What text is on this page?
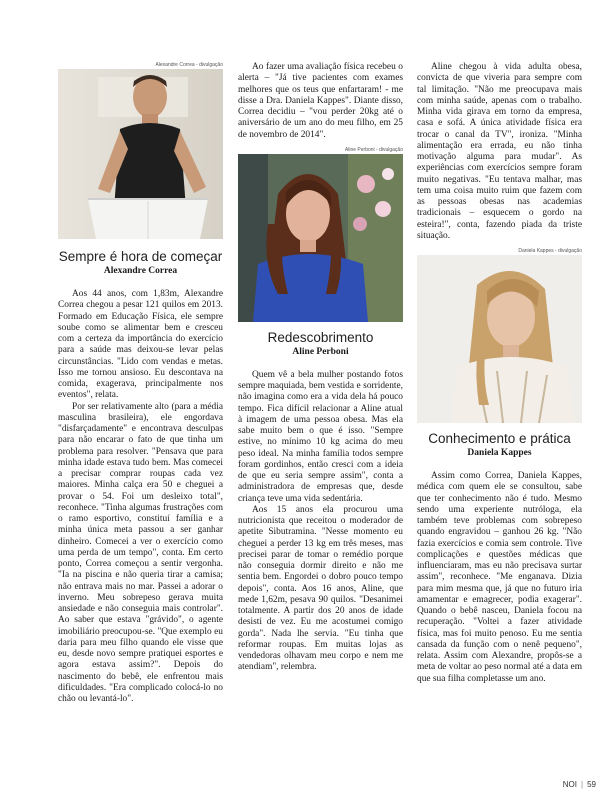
Alexandre Correa - divulgação
Sempre é hora de começar
Alexandre Correa

Aos 44 anos, com 1,83m, Alexandre Correa chegou a pesar 121 quilos em 2013. Formado em Educação Física, ele sempre soube como se alimentar bem e cresceu com a certeza da importância do exercício para a saúde mas deixou-se levar pelas circunstâncias. "Lido com vendas e metas. Isso me tornou ansioso. Eu descontava na comida, exagerava, principalmente nos eventos", relata.

Por ser relativamente alto (para a média masculina brasileira), ele engordava "disfarçadamente" e encontrava desculpas para não encarar o fato de que tinha um problema para resolver. "Pensava que para minha idade estava tudo bem. Mas comecei a precisar comprar roupas cada vez maiores. Minha calça era 50 e cheguei a provar o 54. Foi um desleixo total", reconhece. "Tinha algumas frustrações com o ramo esportivo, constituí família e a minha única meta passou a ser ganhar dinheiro. Comecei a ver o exercício como uma perda de um tempo", conta. Em certo ponto, Correa começou a sentir vergonha. "Ia na piscina e não queria tirar a camisa; não entrava mais no mar. Passei a adorar o inverno. Meu sobrepeso gerava muita ansiedade e não conseguia mais controlar". Ao saber que estava "grávido", o agente imobiliário preocupou-se. "Que exemplo eu daria para meu filho quando ele visse que eu, desde novo sempre pratiquei esportes e agora estava assim?". Depois do nascimento do bebê, ele enfrentou mais dificuldades. "Era complicado colocá-lo no chão ou levantá-lo".

Ao fazer uma avaliação física recebeu o alerta – "Já tive pacientes com exames melhores que os teus que enfartaram! - me disse a Dra. Daniela Kappes". Diante disso, Correa decidiu – "vou perder 20kg até o aniversário de um ano do meu filho, em 25 de novembro de 2014".

Aline Perboni - divulgação
Redescobrimento
Aline Perboni

Quem vê a bela mulher postando fotos sempre maquiada, bem vestida e sorridente, não imagina como era a vida dela há pouco tempo. Fica difícil relacionar a Aline atual à imagem de uma pessoa obesa. Mas ela sabe muito bem o que é isso. "Sempre estive, no mínimo 10 kg acima do meu peso ideal. Na minha família todos sempre foram gordinhos, então cresci com a ideia de que eu seria sempre assim", conta a administradora de empresas que, desde criança teve uma vida sedentária.

Aos 15 anos ela procurou uma nutricionista que receitou o moderador de apetite Sibutramina. "Nesse momento eu cheguei a perder 13 kg em três meses, mas precisei parar de tomar o remédio porque não conseguia dormir direito e não me sentia bem. Engordei o dobro pouco tempo depois", conta. Aos 16 anos, Aline, que mede 1,62m, pesava 90 quilos. "Desanimei totalmente. A partir dos 20 anos de idade desisti de vez. Eu me acostumei comigo gorda". Nada lhe servia. "Eu tinha que reformar roupas. Em muitas lojas as vendedoras olhavam meu corpo e nem me atendiam", relembra.

Aline chegou à vida adulta obesa, convicta de que viveria para sempre com tal limitação. "Não me preocupava mais com minha saúde, apenas com o trabalho. Minha vida girava em torno da empresa, casa e sofá. A única atividade física era trocar o canal da TV", ironiza. "Minha alimentação era errada, eu não tinha motivação alguma para mudar". As experiências com exercícios sempre foram muito negativas. "Eu tentava malhar, mas tem uma coisa muito ruim que fazem com as pessoas obesas nas academias tradicionais – esquecem o gordo na esteira!", conta, fazendo piada da triste situação.

Daniela Kappes - divulgação
Conhecimento e prática
Daniela Kappes

Assim como Correa, Daniela Kappes, médica com quem ele se consultou, sabe que ter conhecimento não é tudo. Mesmo sendo uma experiente nutróloga, ela também teve problemas com sobrepeso quando engravidou – ganhou 26 kg. "Não fazia exercícios e comia sem controle. Tive complicações e questões médicas que influenciaram, mas eu não precisava surtar assim", reconhece. "Me enganava. Dizia para mim mesma que, já que no futuro iria amamentar e emagrecer, podia exagerar". Quando o bebê nasceu, Daniela focou na recuperação. "Voltei a fazer atividade física, mas foi muito penoso. Eu me sentia cansada da função com o nenê pequeno", relata. Assim com Alexandre, propôs-se a meta de voltar ao peso normal até a data em que sua filha completasse um ano.

NOI | 59
